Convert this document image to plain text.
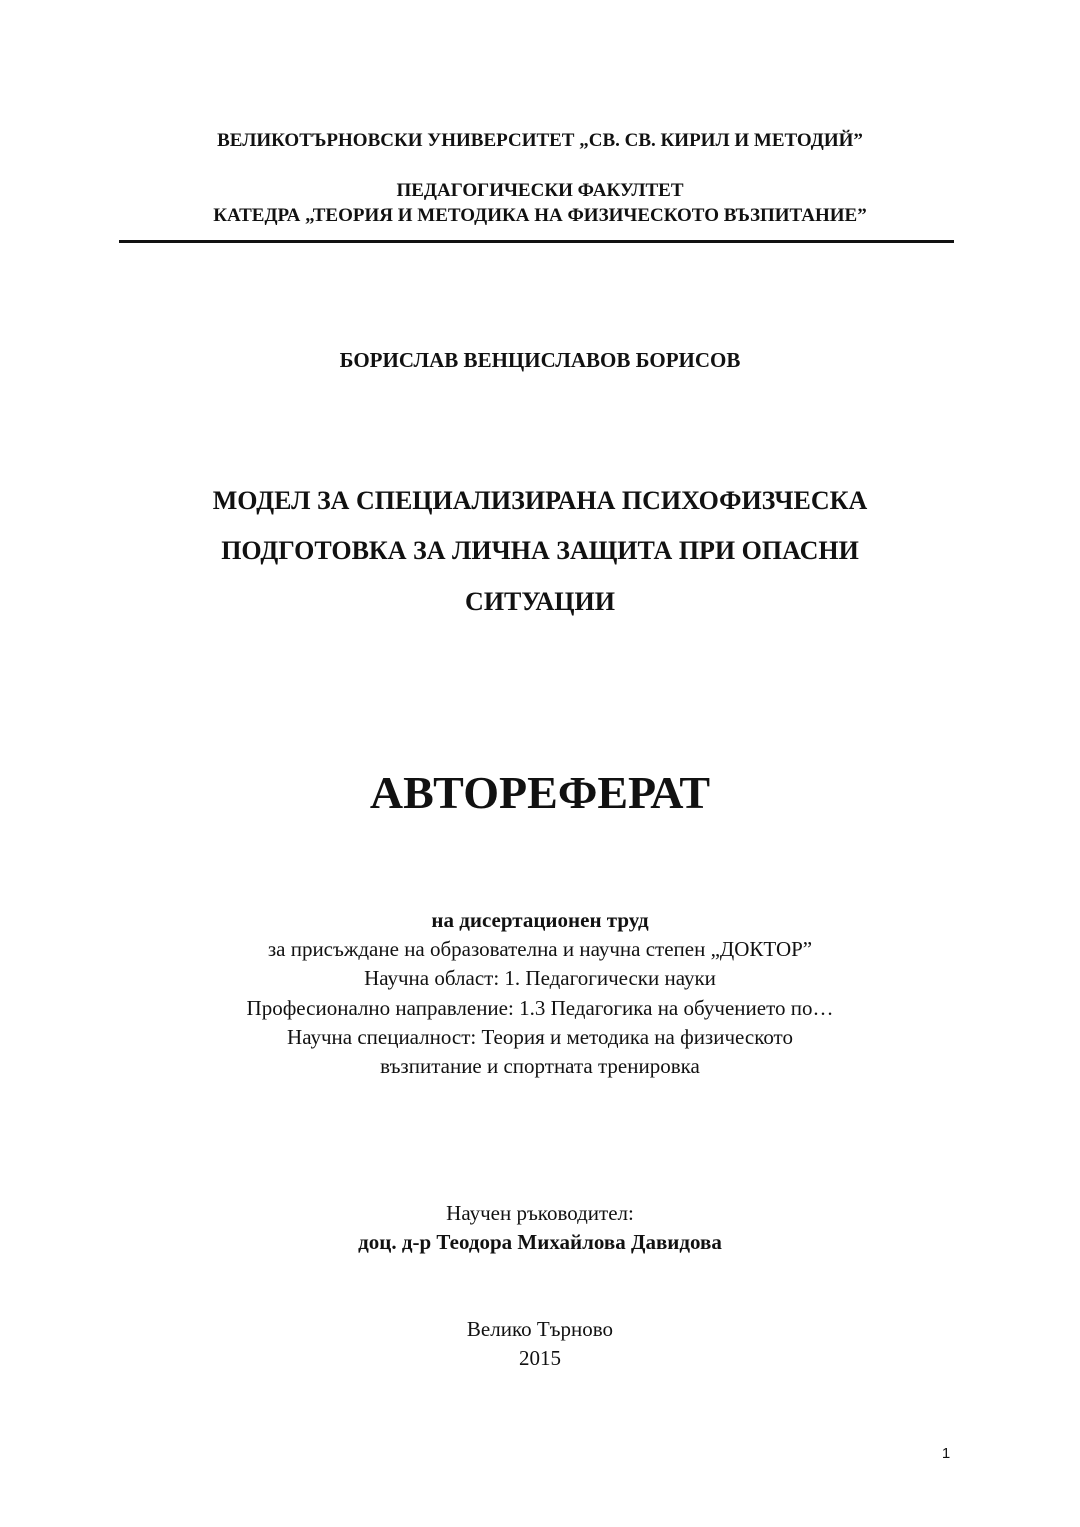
ВЕЛИКОТЪРНОВСКИ УНИВЕРСИТЕТ „СВ. СВ. КИРИЛ И МЕТОДИЙ”
ПЕДАГОГИЧЕСКИ ФАКУЛТЕТ
КАТЕДРА „ТЕОРИЯ И МЕТОДИКА НА ФИЗИЧЕСКОТО ВЪЗПИТАНИЕ”
БОРИСЛАВ ВЕНЦИСЛАВОВ БОРИСОВ
МОДЕЛ ЗА СПЕЦИАЛИЗИРАНА ПСИХОФИЗЧЕСКА
ПОДГОТОВКА ЗА ЛИЧНА ЗАЩИТА ПРИ ОПАСНИ
СИТУАЦИИ
АВТОРЕФЕРАТ
на дисертационен труд
за присъждане на образователна и научна степен „ДОКТОР”
Научна област: 1. Педагогически науки
Професионално направление: 1.3 Педагогика на обучението по…
Научна специалност: Теория и методика на физическото
възпитание и спортната тренировка
Научен ръководител:
доц. д-р Теодора Михайлова Давидова
Велико Търново
2015
1
